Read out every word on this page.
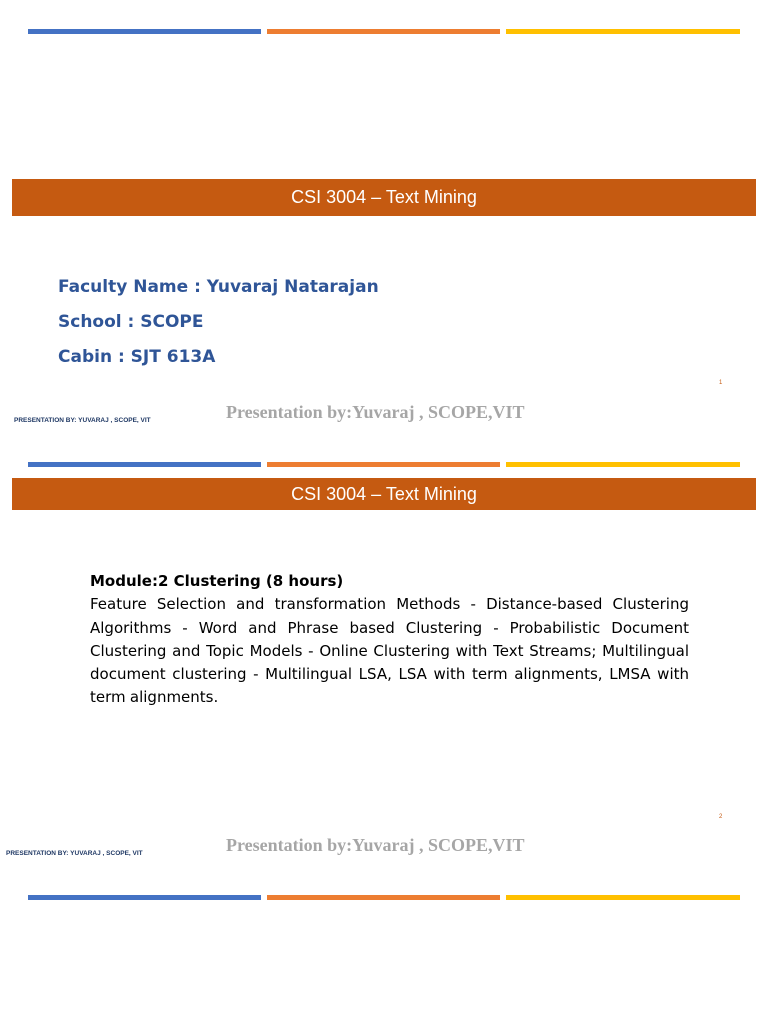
CSI 3004 – Text Mining
Faculty Name : Yuvaraj Natarajan
School : SCOPE
Cabin : SJT 613A
1
Presentation by:Yuvaraj , SCOPE,VIT
PRESENTATION BY: YUVARAJ , SCOPE, VIT
CSI 3004 – Text Mining
Module:2 Clustering (8 hours)
Feature Selection and transformation Methods - Distance-based Clustering Algorithms - Word and Phrase based Clustering - Probabilistic Document Clustering and Topic Models - Online Clustering with Text Streams; Multilingual document clustering - Multilingual LSA, LSA with term alignments, LMSA with term alignments.
2
Presentation by:Yuvaraj , SCOPE,VIT
PRESENTATION BY: YUVARAJ , SCOPE, VIT
